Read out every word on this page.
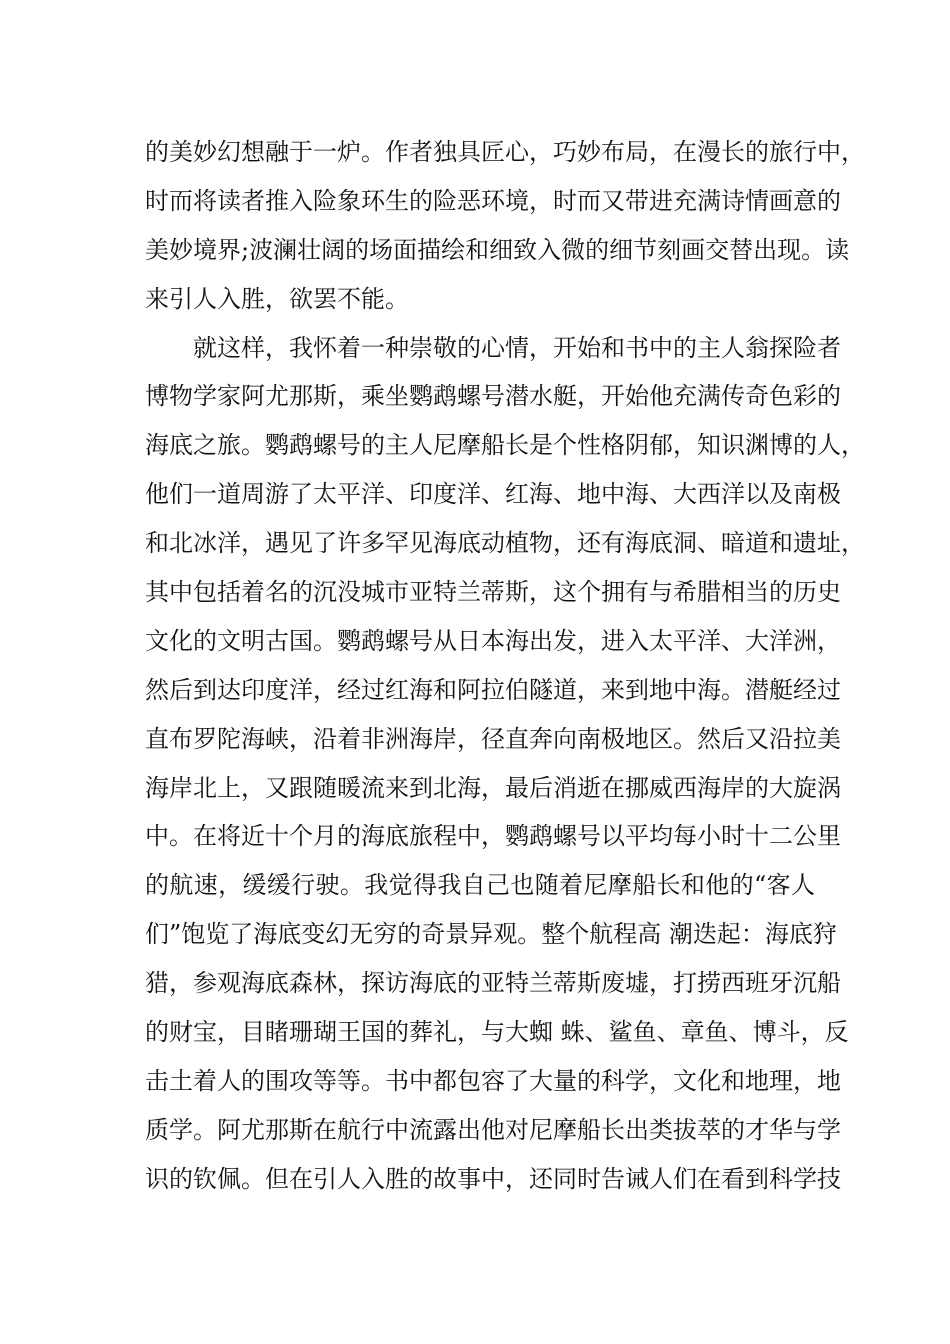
的美妙幻想融于一炉。作者独具匠心，巧妙布局，在漫长的旅行中，
时而将读者推入险象环生的险恶环境，时而又带进充满诗情画意的
美妙境界;波澜壮阔的场面描绘和细致入微的细节刻画交替出现。读
来引人入胜，欲罢不能。
就这样，我怀着一种崇敬的心情，开始和书中的主人翁探险者
博物学家阿尤那斯，乘坐鹦鹉螺号潜水艇，开始他充满传奇色彩的
海底之旅。鹦鹉螺号的主人尼摩船长是个性格阴郁，知识渊博的人，
他们一道周游了太平洋、印度洋、红海、地中海、大西洋以及南极
和北冰洋，遇见了许多罕见海底动植物，还有海底洞、暗道和遗址，
其中包括着名的沉没城市亚特兰蒂斯，这个拥有与希腊相当的历史
文化的文明古国。鹦鹉螺号从日本海出发，进入太平洋、大洋洲，
然后到达印度洋，经过红海和阿拉伯隧道，来到地中海。潜艇经过
直布罗陀海峡，沿着非洲海岸，径直奔向南极地区。然后又沿拉美
海岸北上，又跟随暖流来到北海，最后消逝在挪威西海岸的大旋涡
中。在将近十个月的海底旅程中，鹦鹉螺号以平均每小时十二公里
的航速，缓缓行驶。我觉得我自己也随着尼摩船长和他的“客人
们”饱览了海底变幻无穷的奇景异观。整个航程高 潮迭起：海底狩
猎，参观海底森林，探访海底的亚特兰蒂斯废墟，打捞西班牙沉船
的财宝，目睹珊瑚王国的葬礼，与大蜘 蛛、鲨鱼、章鱼、博斗，反
击土着人的围攻等等。书中都包容了大量的科学，文化和地理，地
质学。阿尤那斯在航行中流露出他对尼摩船长出类拔萃的才华与学
识的钦佩。但在引人入胜的故事中，还同时告诫人们在看到科学技
